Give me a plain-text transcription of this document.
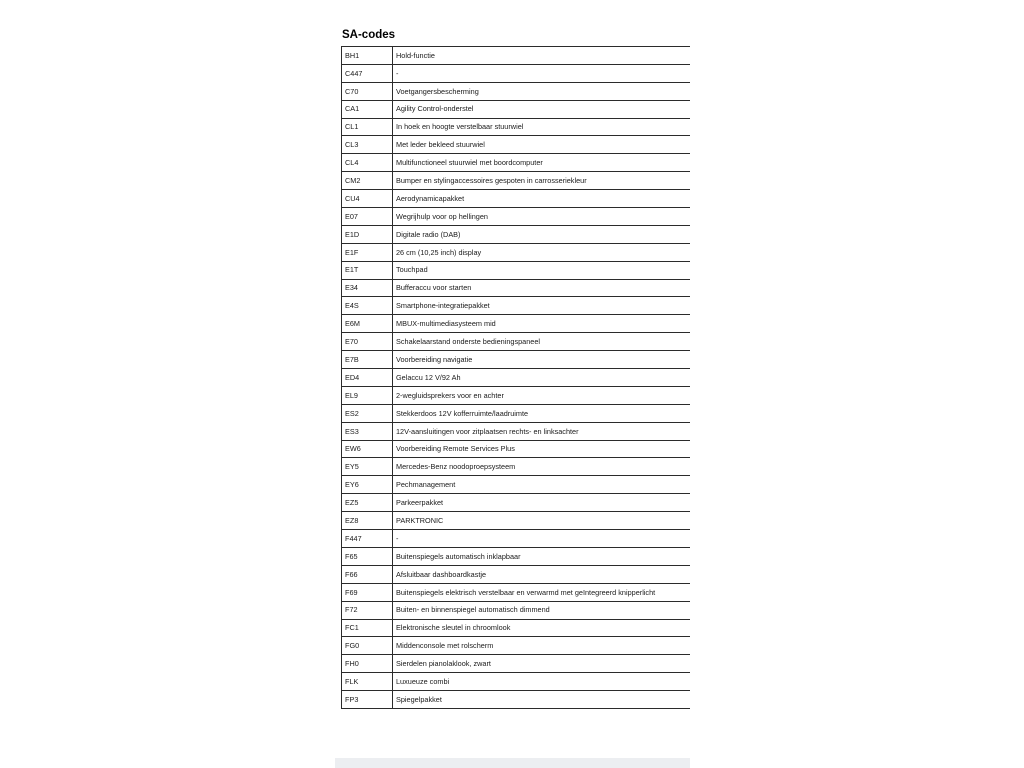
SA-codes
BH1	Hold-functie
C447	-
C70	Voetgangersbescherming
CA1	Agility Control-onderstel
CL1	In hoek en hoogte verstelbaar stuurwiel
CL3	Met leder bekleed stuurwiel
CL4	Multifunctioneel stuurwiel met boordcomputer
CM2	Bumper en stylingaccessoires gespoten in carrosseriekleur
CU4	Aerodynamicapakket
E07	Wegrijhulp voor op hellingen
E1D	Digitale radio (DAB)
E1F	26 cm (10,25 inch) display
E1T	Touchpad
E34	Bufferaccu voor starten
E4S	Smartphone-integratiepakket
E6M	MBUX-multimediasysteem mid
E70	Schakelaarstand onderste bedieningspaneel
E7B	Voorbereiding navigatie
ED4	Gelaccu 12 V/92 Ah
EL9	2-wegluidsprekers voor en achter
ES2	Stekkerdoos 12V kofferruimte/laadruimte
ES3	12V-aansluitingen voor zitplaatsen rechts- en linksachter
EW6	Voorbereiding Remote Services Plus
EY5	Mercedes-Benz noodoproepsysteem
EY6	Pechmanagement
EZ5	Parkeerpakket
EZ8	PARKTRONIC
F447	-
F65	Buitenspiegels automatisch inklapbaar
F66	Afsluitbaar dashboardkastje
F69	Buitenspiegels elektrisch verstelbaar en verwarmd met geïntegreerd knipperlicht
F72	Buiten- en binnenspiegel automatisch dimmend
FC1	Elektronische sleutel in chroomlook
FG0	Middenconsole met rolscherm
FH0	Sierdelen pianolaklook, zwart
FLK	Luxueuze combi
FP3	Spiegelpakket
